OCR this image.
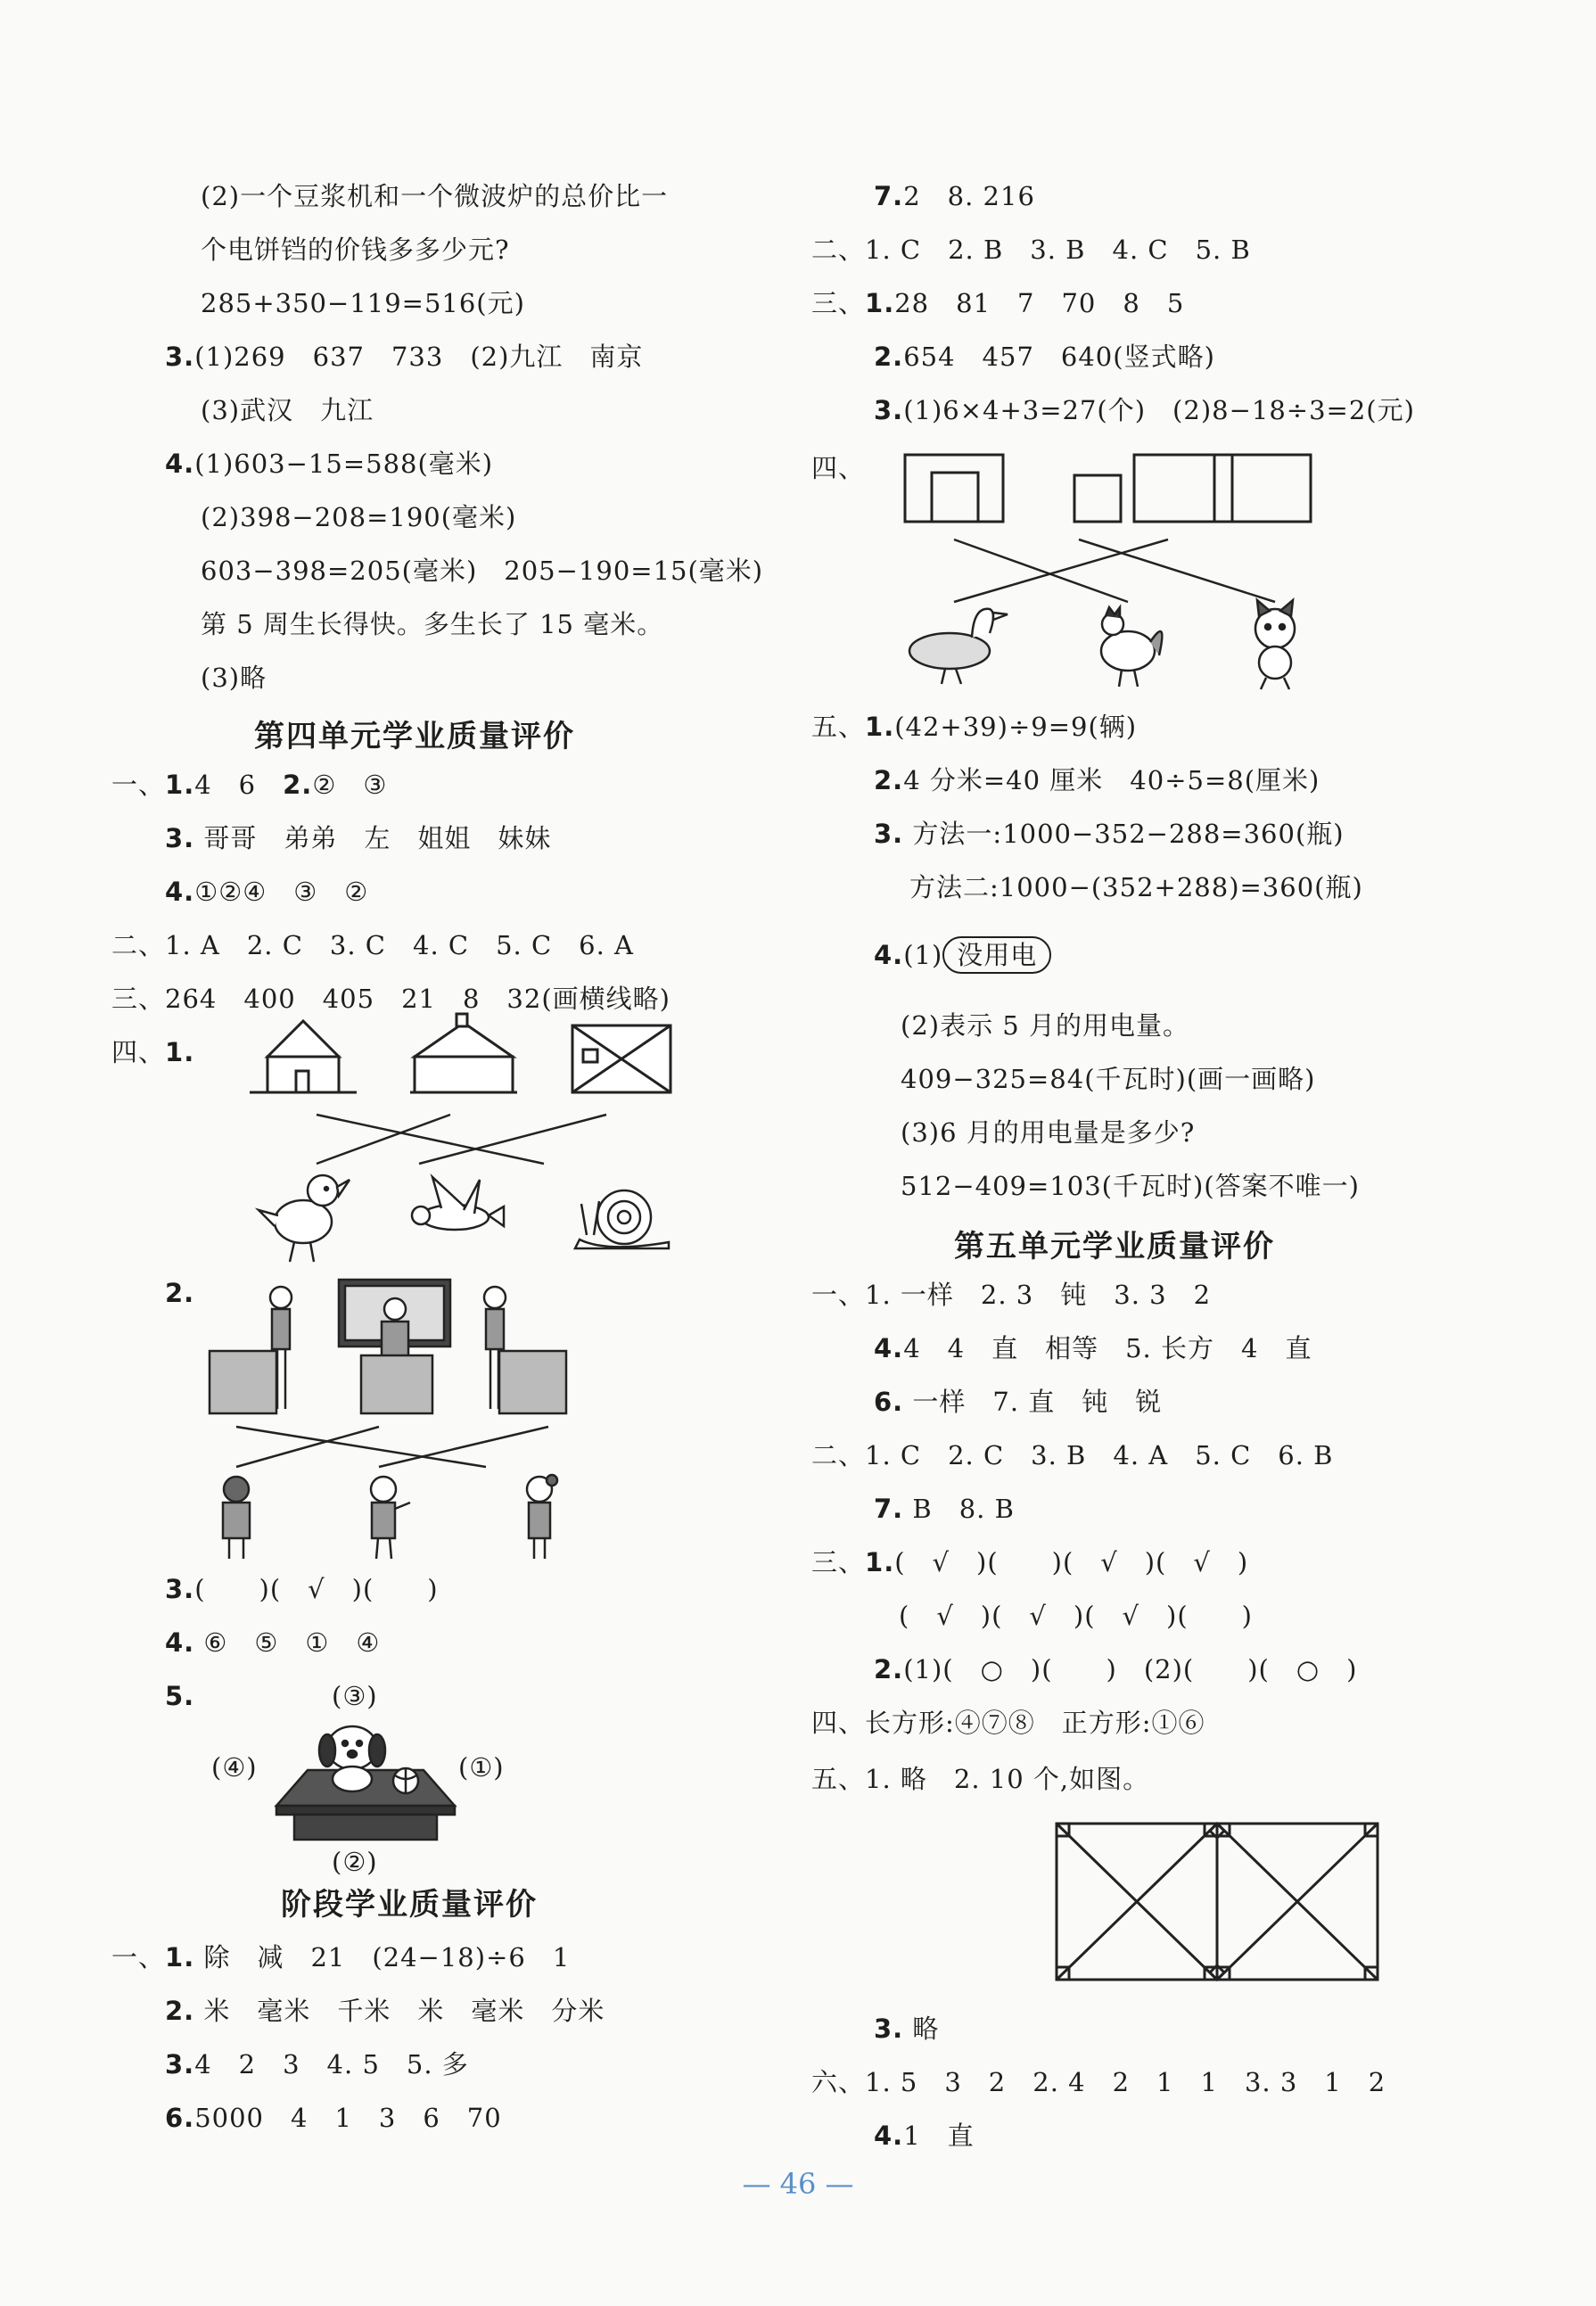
(2)一个豆浆机和一个微波炉的总价比一
个电饼铛的价钱多多少元?
285+350−119=516(元)
3.(1)269　637　733　(2)九江　南京
(3)武汉　九江
4.(1)603−15=588(毫米)
(2)398−208=190(毫米)
603−398=205(毫米)　205−190=15(毫米)
第 5 周生长得快。多生长了 15 毫米。
(3)略
第四单元学业质量评价
一、1.4　6　2.②　③
3. 哥哥　弟弟　左　姐姐　妹妹
4.①②④　③　②
二、1. A　2. C　3. C　4. C　5. C　6. A
三、264　400　405　21　8　32(画横线略)
四、1.
2.
3.(　　)(　√　)(　　)
4. ⑥　⑤　①　④
5.	(③)
(④)	(①)
(②)
阶段学业质量评价
一、1. 除　减　21　(24−18)÷6　1
2. 米　毫米　千米　米　毫米　分米
3.4　2　3　4. 5　5. 多
6.5000　4　1　3　6　70
7.2　8. 216
二、1. C　2. B　3. B　4. C　5. B
三、1.28　81　7　70　8　5
2.654　457　640(竖式略)
3.(1)6×4+3=27(个)　(2)8−18÷3=2(元)
四、
五、1.(42+39)÷9=9(辆)
2.4 分米=40 厘米　40÷5=8(厘米)
3. 方法一:1000−352−288=360(瓶)
方法二:1000−(352+288)=360(瓶)
4.(1) 没用电
(2)表示 5 月的用电量。
409−325=84(千瓦时)(画一画略)
(3)6 月的用电量是多少?
512−409=103(千瓦时)(答案不唯一)
第五单元学业质量评价
一、1. 一样　2. 3　钝　3. 3　2
4.4　4　直　相等　5. 长方　4　直
6. 一样　7. 直　钝　锐
二、1. C　2. C　3. B　4. A　5. C　6. B
7. B　8. B
三、1.(　√　)(　　)(　√　)(　√　)
(　√　)(　√　)(　√　)(　　)
2.(1)(　○　)(　　)　(2)(　　)(　○　)
四、长方形:④⑦⑧　正方形:①⑥
五、1. 略　2. 10 个,如图。
3. 略
六、1. 5　3　2　2. 4　2　1　1　3. 3　1　2
4.1　直
— 46 —
